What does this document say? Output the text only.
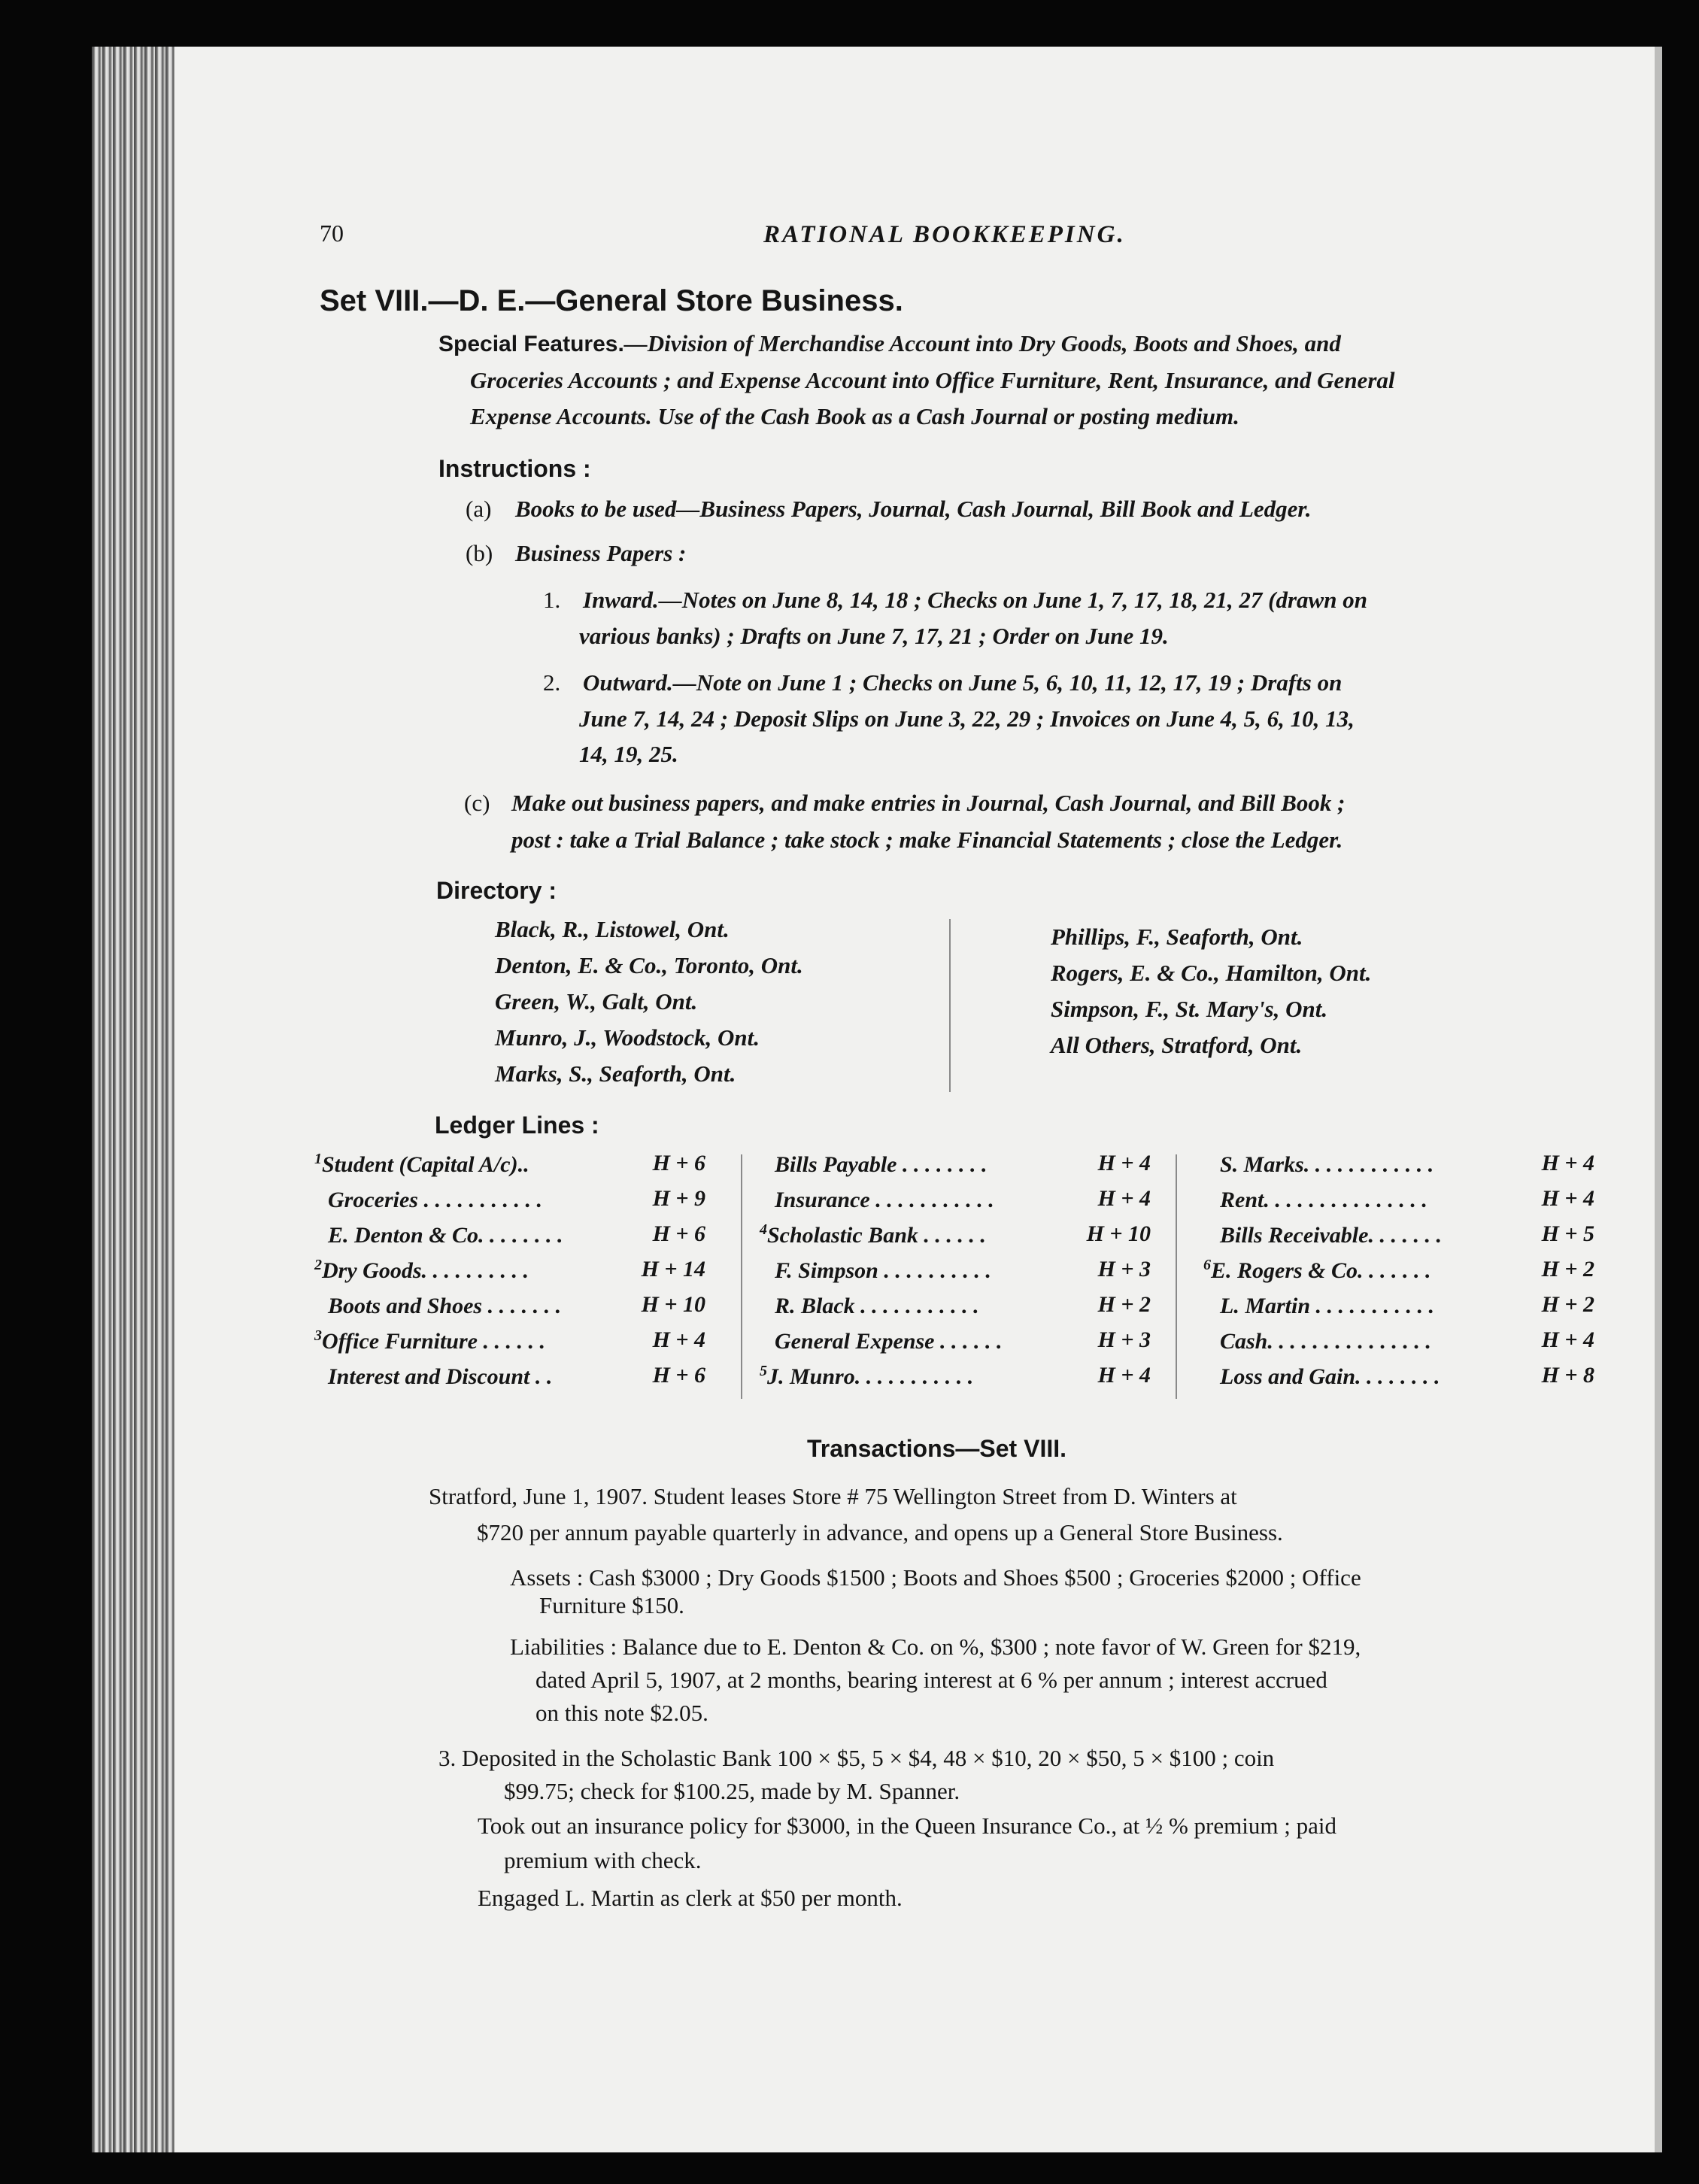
70	RATIONAL BOOKKEEPING.
Set VIII.—D. E.—General Store Business.
Special Features.—Division of Merchandise Account into Dry Goods, Boots and Shoes, and
Groceries Accounts ; and Expense Account into Office Furniture, Rent, Insurance, and General
Expense Accounts. Use of the Cash Book as a Cash Journal or posting medium.
Instructions :
(a) Books to be used—Business Papers, Journal, Cash Journal, Bill Book and Ledger.
(b) Business Papers :
1. Inward.—Notes on June 8, 14, 18 ; Checks on June 1, 7, 17, 18, 21, 27 (drawn on
various banks) ; Drafts on June 7, 17, 21 ; Order on June 19.
2. Outward.—Note on June 1 ; Checks on June 5, 6, 10, 11, 12, 17, 19 ; Drafts on
June 7, 14, 24 ; Deposit Slips on June 3, 22, 29 ; Invoices on June 4, 5, 6, 10, 13,
14, 19, 25.
(c) Make out business papers, and make entries in Journal, Cash Journal, and Bill Book ;
post : take a Trial Balance ; take stock ; make Financial Statements ; close the Ledger.
Directory :
Black, R., Listowel, Ont.
Denton, E. & Co., Toronto, Ont.
Green, W., Galt, Ont.
Munro, J., Woodstock, Ont.
Marks, S., Seaforth, Ont.
Phillips, F., Seaforth, Ont.
Rogers, E. & Co., Hamilton, Ont.
Simpson, F., St. Mary's, Ont.
All Others, Stratford, Ont.
Ledger Lines :
$^1$Student (Capital A/c)..	H + 6
Groceries . . . . . . . . . . .	H + 9
E. Denton & Co. . . . . . . .	H + 6
$^2$Dry Goods. . . . . . . . . .	H + 14
Boots and Shoes . . . . . . .	H + 10
$^3$Office Furniture . . . . . .	H + 4
Interest and Discount . .	H + 6
Bills Payable . . . . . . . .	H + 4
Insurance . . . . . . . . . . .	H + 4
$^4$Scholastic Bank . . . . . .	H + 10
F. Simpson . . . . . . . . . .	H + 3
R. Black . . . . . . . . . . .	H + 2
General Expense . . . . . .	H + 3
$^5$J. Munro. . . . . . . . . . .	H + 4
S. Marks. . . . . . . . . . . .	H + 4
Rent. . . . . . . . . . . . . . .	H + 4
Bills Receivable. . . . . . .	H + 5
$^6$E. Rogers & Co. . . . . . .	H + 2
L. Martin . . . . . . . . . . .	H + 2
Cash. . . . . . . . . . . . . . .	H + 4
Loss and Gain. . . . . . . .	H + 8
Transactions—Set VIII.
Stratford, June 1, 1907. Student leases Store # 75 Wellington Street from D. Winters at
$720 per annum payable quarterly in advance, and opens up a General Store Business.
Assets : Cash $3000 ; Dry Goods $1500 ; Boots and Shoes $500 ; Groceries $2000 ; Office
Furniture $150.
Liabilities : Balance due to E. Denton & Co. on %, $300 ; note favor of W. Green for $219,
dated April 5, 1907, at 2 months, bearing interest at 6 % per annum ; interest accrued
on this note $2.05.
3. Deposited in the Scholastic Bank 100 × $5, 5 × $4, 48 × $10, 20 × $50, 5 × $100 ; coin
$99.75; check for $100.25, made by M. Spanner.
Took out an insurance policy for $3000, in the Queen Insurance Co., at ½ % premium ; paid
premium with check.
Engaged L. Martin as clerk at $50 per month.
